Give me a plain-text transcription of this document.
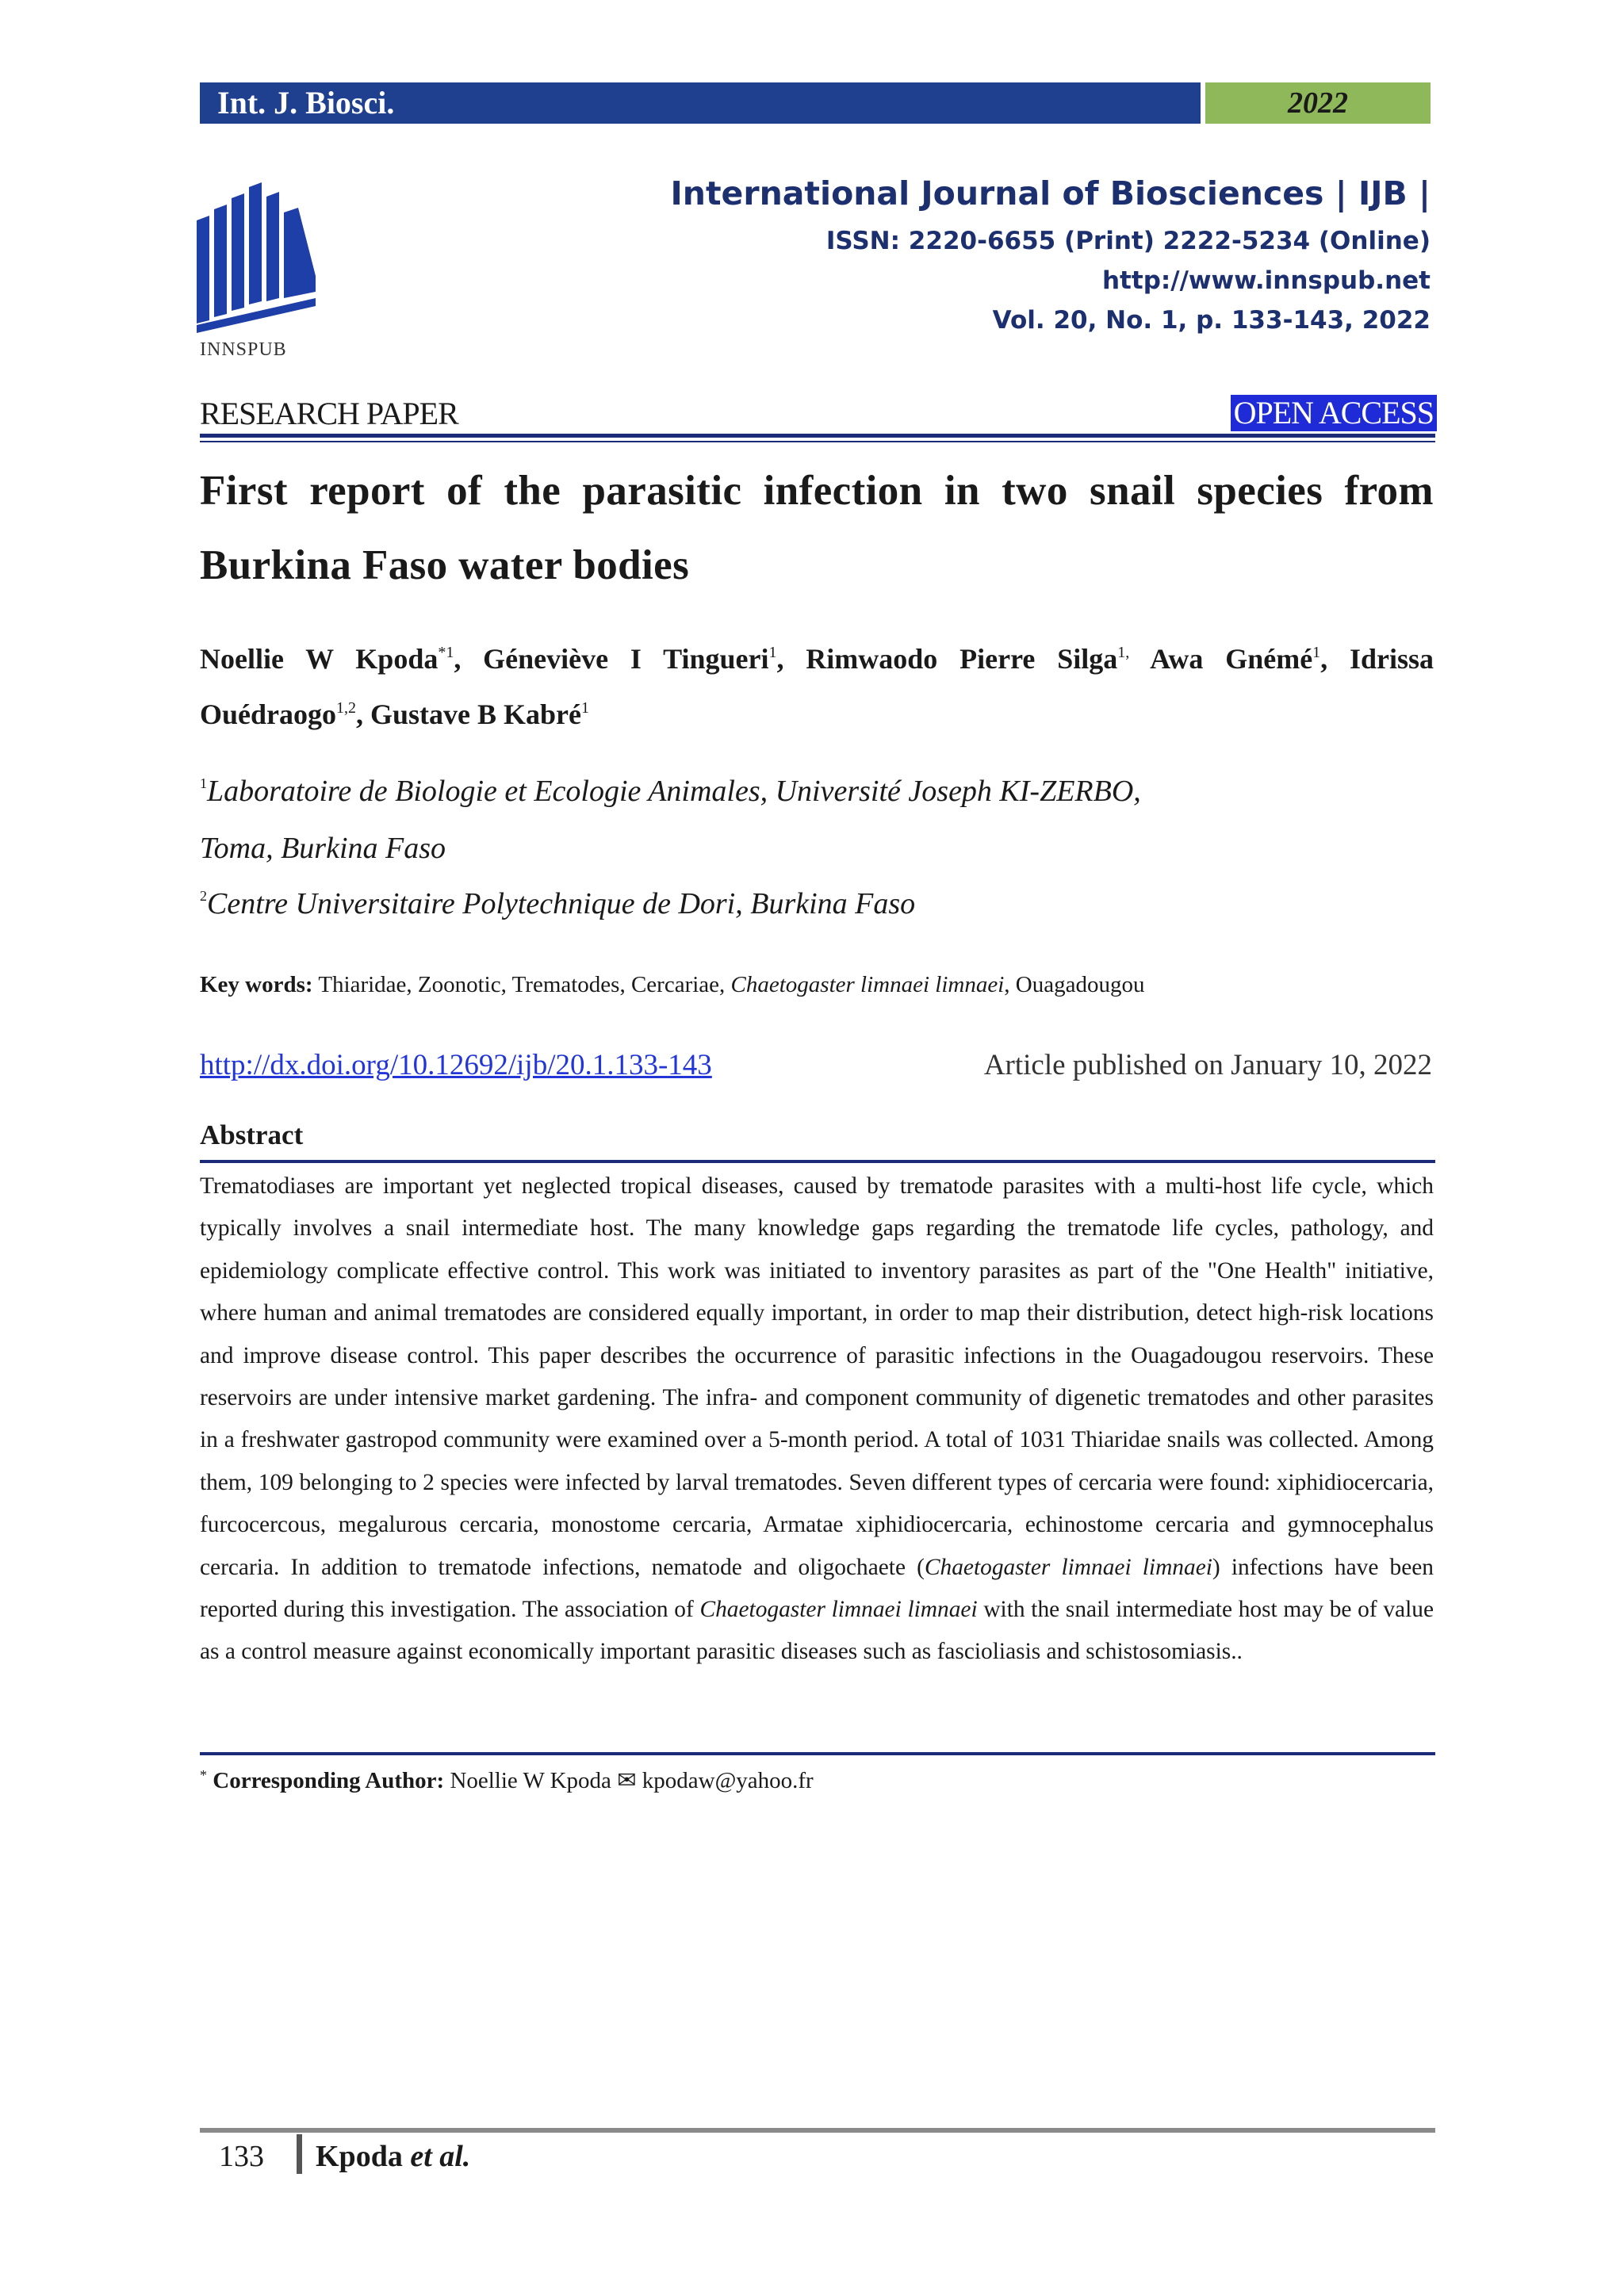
Int. J. Biosci.	2022
INNSPUB
International Journal of Biosciences | IJB |
ISSN: 2220-6655 (Print) 2222-5234 (Online)
http://www.innspub.net
Vol. 20, No. 1, p. 133-143, 2022
RESEARCH PAPER	OPEN ACCESS
First report of the parasitic infection in two snail species from Burkina Faso water bodies
Noellie W Kpoda$^{*1}$, Géneviève I Tingueri$^1$, Rimwaodo Pierre Silga$^{1,}$ Awa Gnémé$^1$, Idrissa Ouédraogo$^{1,2}$, Gustave B Kabré$^1$
$^1$Laboratoire de Biologie et Ecologie Animales, Université Joseph KI-ZERBO,
Toma, Burkina Faso
$^2$Centre Universitaire Polytechnique de Dori, Burkina Faso
Key words: Thiaridae, Zoonotic, Trematodes, Cercariae, Chaetogaster limnaei limnaei, Ouagadougou
http://dx.doi.org/10.12692/ijb/20.1.133-143	Article published on January 10, 2022
Abstract
Trematodiases are important yet neglected tropical diseases, caused by trematode parasites with a multi-host life cycle, which typically involves a snail intermediate host. The many knowledge gaps regarding the trematode life cycles, pathology, and epidemiology complicate effective control. This work was initiated to inventory parasites as part of the "One Health" initiative, where human and animal trematodes are considered equally important, in order to map their distribution, detect high-risk locations and improve disease control. This paper describes the occurrence of parasitic infections in the Ouagadougou reservoirs. These reservoirs are under intensive market gardening. The infra- and component community of digenetic trematodes and other parasites in a freshwater gastropod community were examined over a 5-month period. A total of 1031 Thiaridae snails was collected. Among them, 109 belonging to 2 species were infected by larval trematodes. Seven different types of cercaria were found: xiphidiocercaria, furcocercous, megalurous cercaria, monostome cercaria, Armatae xiphidiocercaria, echinostome cercaria and gymnocephalus cercaria. In addition to trematode infections, nematode and oligochaete (Chaetogaster limnaei limnaei) infections have been reported during this investigation. The association of Chaetogaster limnaei limnaei with the snail intermediate host may be of value as a control measure against economically important parasitic diseases such as fascioliasis and schistosomiasis..
* Corresponding Author: Noellie W Kpoda ✉ kpodaw@yahoo.fr
133 Kpoda et al.
